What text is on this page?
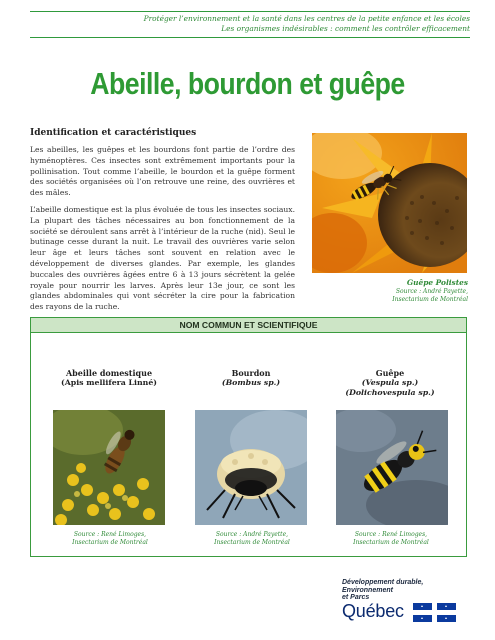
Protéger l’environnement et la santé dans les centres de la petite enfance et les écoles
Les organismes indésirables : comment les contrôler efficacement
Abeille, bourdon et guêpe
Identification et caractéristiques
Les abeilles, les guêpes et les bourdons font partie de l’ordre des hyménoptères. Ces insectes sont extrêmement importants pour la pollinisation. Tout comme l’abeille, le bourdon et la guêpe forment des sociétés organisées où l’on retrouve une reine, des ouvrières et des mâles.
L’abeille domestique est la plus évoluée de tous les insectes sociaux. La plupart des tâches nécessaires au bon fonctionnement de la société se déroulent sans arrêt à l’intérieur de la ruche (nid). Seul le butinage cesse durant la nuit. Le travail des ouvrières varie selon leur âge et leurs tâches sont souvent en relation avec le développement de diverses glandes. Par exemple, les glandes buccales des ouvrières âgées entre 6 à 13 jours sécrètent la gelée royale pour nourrir les larves. Après leur 13e jour, ce sont les glandes abdominales qui vont sécréter la cire pour la fabrication des rayons de la ruche.
Guêpe Polistes
Source : André Payette,
Insectarium de Montréal
NOM COMMUN ET SCIENTIFIQUE
Abeille domestique
(Apis mellifera Linné)
Source : René Limoges,
Insectarium de Montréal
Bourdon
(Bombus sp.)
Source : André Payette,
Insectarium de Montréal
Guêpe
(Vespula sp.)
(Dolichovespula sp.)
Source : René Limoges,
Insectarium de Montréal
Développement durable,
Environnement
et Parcs
Québec
